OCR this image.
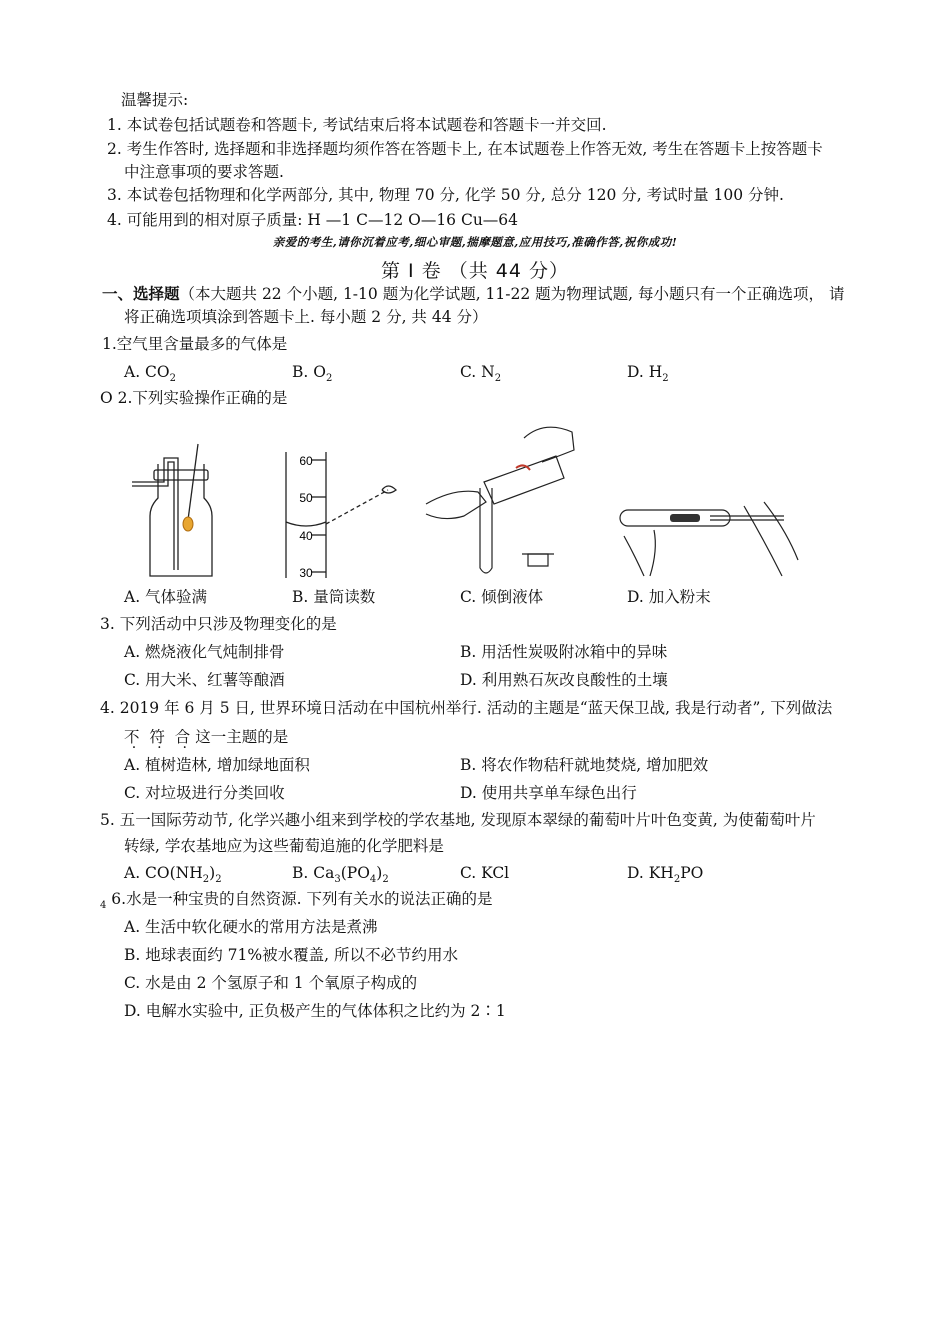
温馨提示:
1. 本试卷包括试题卷和答题卡, 考试结束后将本试题卷和答题卡一并交回.
2. 考生作答时, 选择题和非选择题均须作答在答题卡上, 在本试题卷上作答无效, 考生在答题卡上按答题卡
中注意事项的要求答题.
3. 本试卷包括物理和化学两部分, 其中, 物理 70 分, 化学 50 分, 总分 120 分, 考试时量 100 分钟.
4. 可能用到的相对原子质量: H —1 C—12 O—16 Cu—64
亲爱的考生,请你沉着应考,细心审题,揣摩题意,应用技巧,准确作答,祝你成功!
第 I 卷 （共 44 分）
一、选择题（本大题共 22 个小题, 1-10 题为化学试题, 11-22 题为物理试题, 每小题只有一个正确选项， 请
将正确选项填涂到答题卡上. 每小题 2 分, 共 44 分）
1.空气里含量最多的气体是
A. $CO_2$	B. $O_2$	C. $N_2$	D. $H_2$
O 2.下列实验操作正确的是
60
50
40
30
A. 气体验满	B. 量筒读数	C. 倾倒液体	D. 加入粉末
3. 下列活动中只涉及物理变化的是
A. 燃烧液化气炖制排骨	B. 用活性炭吸附冰箱中的异味
C. 用大米、红薯等酿酒	D. 利用熟石灰改良酸性的土壤
4. 2019 年 6 月 5 日, 世界环境日活动在中国杭州举行. 活动的主题是“蓝天保卫战, 我是行动者”, 下列做法
不 符 合 这一主题的是
A. 植树造林, 增加绿地面积	B. 将农作物秸秆就地焚烧, 增加肥效
C. 对垃圾进行分类回收	D. 使用共享单车绿色出行
5. 五一国际劳动节, 化学兴趣小组来到学校的学农基地, 发现原本翠绿的葡萄叶片叶色变黄, 为使葡萄叶片
转绿, 学农基地应为这些葡萄追施的化学肥料是
A. $CO(NH_2)_2$	B. $Ca_3(PO_4)_2$	C. KCl	D. $KH_2PO$
$_4$ 6.水是一种宝贵的自然资源. 下列有关水的说法正确的是
A. 生活中软化硬水的常用方法是煮沸
B. 地球表面约 71%被水覆盖, 所以不必节约用水
C. 水是由 2 个氢原子和 1 个氧原子构成的
D. 电解水实验中, 正负极产生的气体体积之比约为 2∶1
